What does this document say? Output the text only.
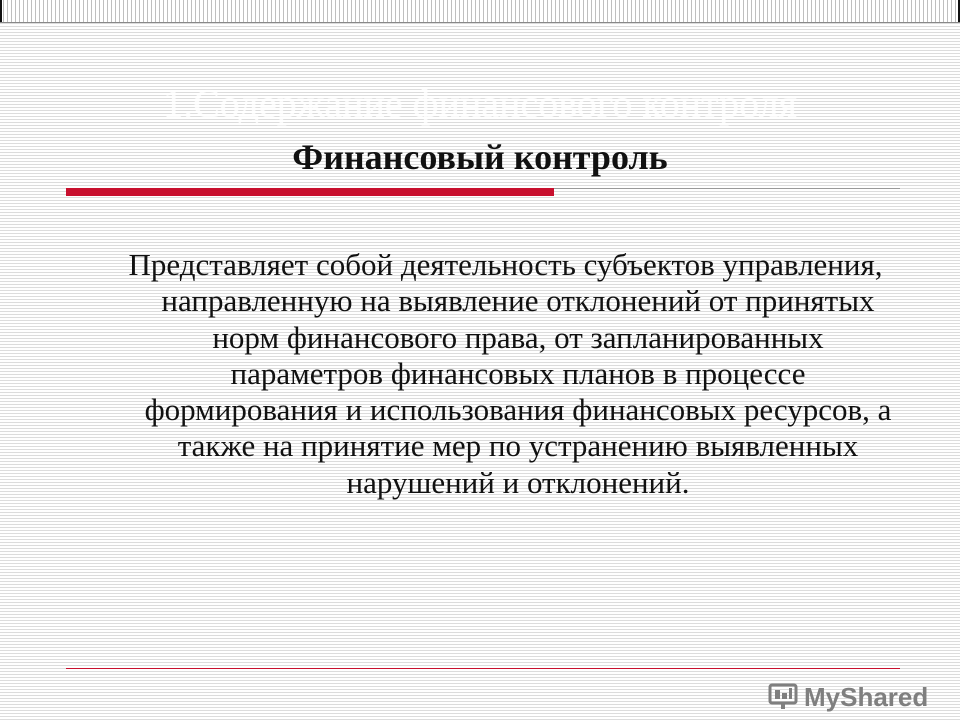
1.Содержание финансового контроля
Финансовый контроль
Представляет собой деятельность субъектов управления, направленную на выявление отклонений от принятых норм финансового права, от запланированных параметров финансовых планов в процессе формирования и использования финансовых ресурсов, а также на принятие мер по устранению выявленных нарушений и отклонений.
MyShared
